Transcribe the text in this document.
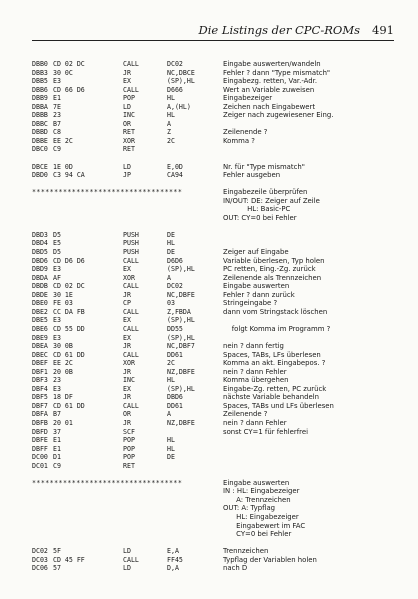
Die Listings der CPC-ROMs 491
DBB0 CD 02 DC	CALL	DC02	Eingabe auswerten/wandeln
DBB3 30 0C	JR	NC,DBCE	Fehler ? dann "Type mismatch"
DBB5 E3	EX	(SP),HL	Eingabezg. retten, Var.-Adr.
DBB6 CD 66 D6	CALL	D666	Wert an Variable zuweisen
DBB9 E1	POP	HL	Eingabezeiger
DBBA 7E	LD	A,(HL)	Zeichen nach Eingabewert
DBBB 23	INC	HL	Zeiger nach zugewiesener Eing.
DBBC B7	OR	A
DBBD C8	RET	Z	Zeilenende ?
DBBE EE 2C	XOR	2C	Komma ?
DBC0 C9	RET
DBCE 1E 0D	LD	E,0D	Nr. für "Type mismatch"
DBD0 C3 94 CA	JP	CA94	Fehler ausgeben
**********************************	Eingabezeile überprüfen
IN/OUT: DE: Zeiger auf Zeile
HL: Basic-PC
OUT: CY=0 bei Fehler
DBD3 D5	PUSH	DE
DBD4 E5	PUSH	HL
DBD5 D5	PUSH	DE	Zeiger auf Eingabe
DBD6 CD D6 D6	CALL	D6D6	Variable überlesen, Typ holen
DBD9 E3	EX	(SP),HL	PC retten, Eing.-Zg. zurück
DBDA AF	XOR	A	Zeilenende als Trennzeichen
DBDB CD 02 DC	CALL	DC02	Eingabe auswerten
DBDE 30 1E	JR	NC,DBFE	Fehler ? dann zurück
DBE0 FE 03	CP	03	Stringeingabe ?
DBE2 CC DA FB	CALL	Z,FBDA	dann vom Stringstack löschen
DBE5 E3	EX	(SP),HL
DBE6 CD 55 DD	CALL	DD55	folgt Komma im Programm ?
DBE9 E3	EX	(SP),HL
DBEA 30 0B	JR	NC,DBF7	nein ? dann fertig
DBEC CD 61 DD	CALL	DD61	Spaces, TABs, LFs überlesen
DBEF EE 2C	XOR	2C	Komma an akt. Eingabepos. ?
DBF1 20 0B	JR	NZ,DBFE	nein ? dann Fehler
DBF3 23	INC	HL	Komma übergehen
DBF4 E3	EX	(SP),HL	Eingabe-Zg. retten, PC zurück
DBF5 18 DF	JR	DBD6	nächste Variable behandeln
DBF7 CD 61 DD	CALL	DD61	Spaces, TABs und LFs überlesen
DBFA B7	OR	A	Zeilenende ?
DBFB 20 01	JR	NZ,DBFE	nein ? dann Fehler
DBFD 37	SCF	sonst CY=1 für fehlerfrei
DBFE E1	POP	HL
DBFF E1	POP	HL
DC00 D1	POP	DE
DC01 C9	RET
**********************************	Eingabe auswerten
IN : HL: Eingabezeiger
A: Trennzeichen
OUT: A: Typflag
HL: Eingabezeiger
Eingabewert im FAC
CY=0 bei Fehler
DC02 5F	LD	E,A	Trennzeichen
DC03 CD 45 FF	CALL	FF45	Typflag der Variablen holen
DC06 57	LD	D,A	nach D
